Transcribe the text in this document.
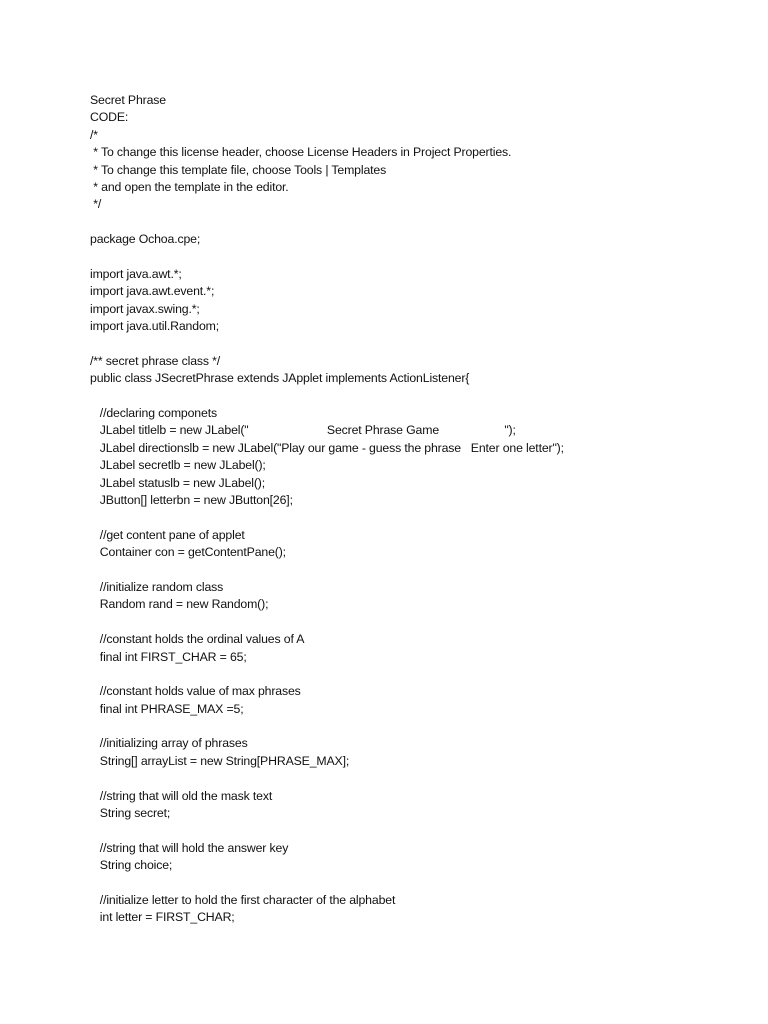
Secret Phrase
CODE:
/*
* To change this license header, choose License Headers in Project Properties.
* To change this template file, choose Tools | Templates
* and open the template in the editor.
*/
package Ochoa.cpe;
import java.awt.*;
import java.awt.event.*;
import javax.swing.*;
import java.util.Random;
/** secret phrase class */
public class JSecretPhrase extends JApplet implements ActionListener{
//declaring componets
JLabel titlelb = new JLabel("                        Secret Phrase Game                    ");
JLabel directionslb = new JLabel("Play our game - guess the phrase   Enter one letter");
JLabel secretlb = new JLabel();
JLabel statuslb = new JLabel();
JButton[] letterbn = new JButton[26];
//get content pane of applet
Container con = getContentPane();
//initialize random class
Random rand = new Random();
//constant holds the ordinal values of A
final int FIRST_CHAR = 65;
//constant holds value of max phrases
final int PHRASE_MAX =5;
//initializing array of phrases
String[] arrayList = new String[PHRASE_MAX];
//string that will old the mask text
String secret;
//string that will hold the answer key
String choice;
//initialize letter to hold the first character of the alphabet
int letter = FIRST_CHAR;
